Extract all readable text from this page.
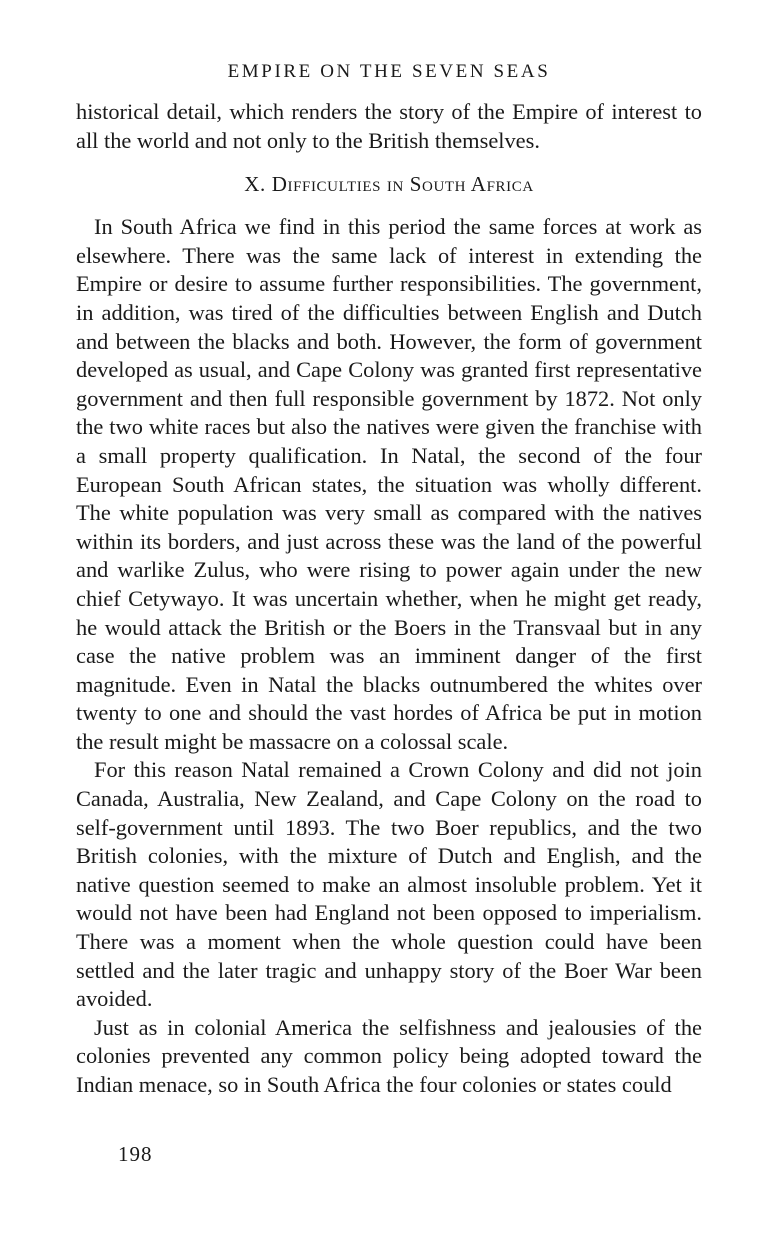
EMPIRE ON THE SEVEN SEAS

historical detail, which renders the story of the Empire of interest to all the world and not only to the British themselves.

X. Difficulties in South Africa

In South Africa we find in this period the same forces at work as elsewhere. There was the same lack of interest in extending the Empire or desire to assume further responsibilities. The government, in addition, was tired of the difficulties between English and Dutch and between the blacks and both. However, the form of government developed as usual, and Cape Colony was granted first representative government and then full responsible government by 1872. Not only the two white races but also the natives were given the franchise with a small property qualification. In Natal, the second of the four European South African states, the situation was wholly different. The white population was very small as compared with the natives within its borders, and just across these was the land of the powerful and warlike Zulus, who were rising to power again under the new chief Cetywayo. It was uncertain whether, when he might get ready, he would attack the British or the Boers in the Transvaal but in any case the native problem was an imminent danger of the first magnitude. Even in Natal the blacks outnumbered the whites over twenty to one and should the vast hordes of Africa be put in motion the result might be massacre on a colossal scale.

For this reason Natal remained a Crown Colony and did not join Canada, Australia, New Zealand, and Cape Colony on the road to self-government until 1893. The two Boer republics, and the two British colonies, with the mixture of Dutch and English, and the native question seemed to make an almost insoluble problem. Yet it would not have been had England not been opposed to imperialism. There was a moment when the whole question could have been settled and the later tragic and unhappy story of the Boer War been avoided.

Just as in colonial America the selfishness and jealousies of the colonies prevented any common policy being adopted toward the Indian menace, so in South Africa the four colonies or states could

198
